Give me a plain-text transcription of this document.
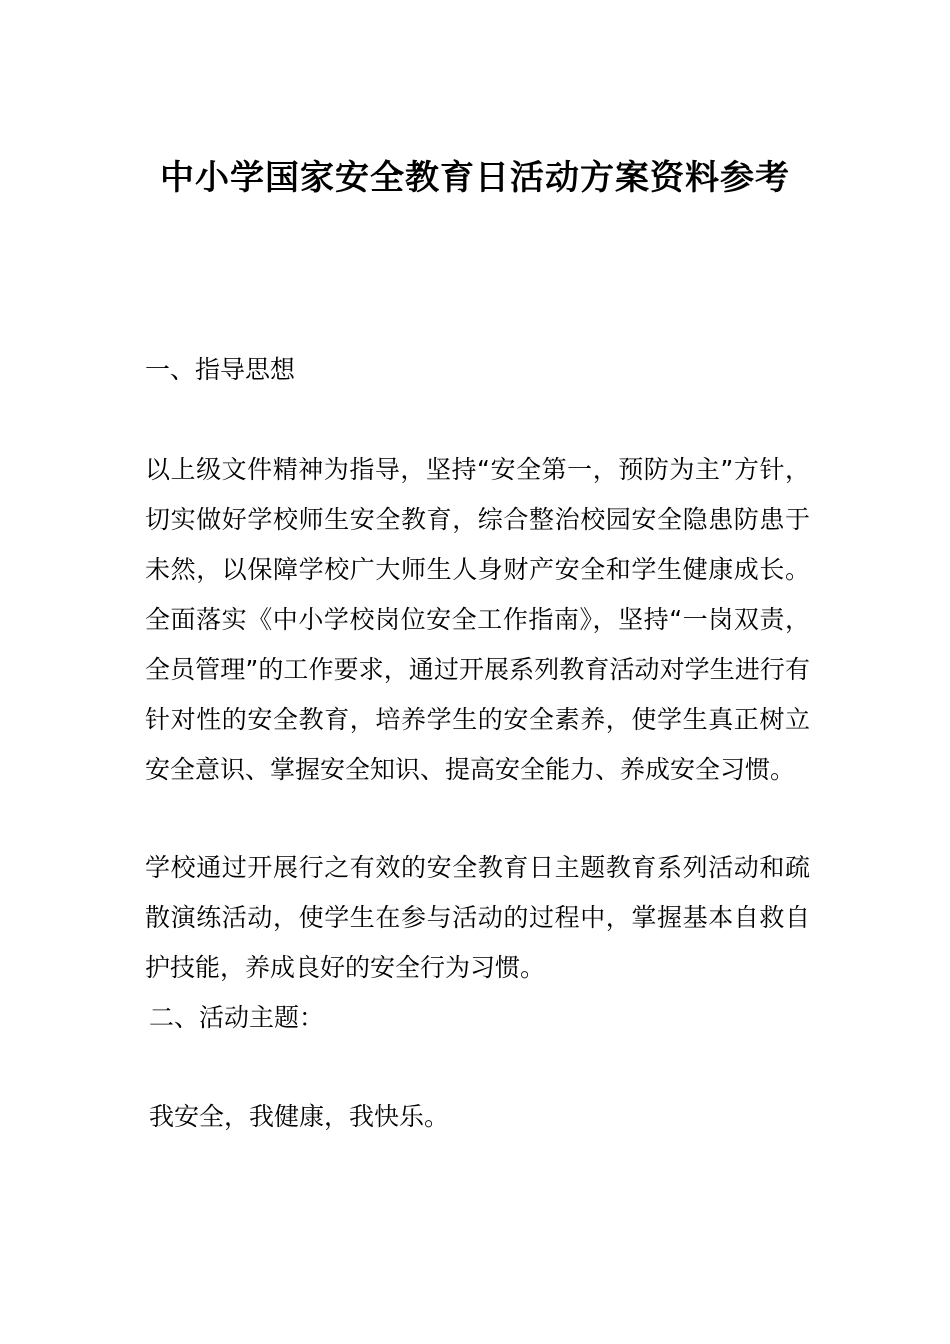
中小学国家安全教育日活动方案资料参考
一、指导思想
以上级文件精神为指导，坚持“安全第一，预防为主”方针，切实做好学校师生安全教育，综合整治校园安全隐患防患于未然，以保障学校广大师生人身财产安全和学生健康成长。全面落实《中小学校岗位安全工作指南》，坚持“一岗双责，全员管理”的工作要求，通过开展系列教育活动对学生进行有针对性的安全教育，培养学生的安全素养，使学生真正树立安全意识、掌握安全知识、提高安全能力、养成安全习惯。
学校通过开展行之有效的安全教育日主题教育系列活动和疏散演练活动，使学生在参与活动的过程中，掌握基本自救自护技能，养成良好的安全行为习惯。
二、活动主题：
我安全，我健康，我快乐。
